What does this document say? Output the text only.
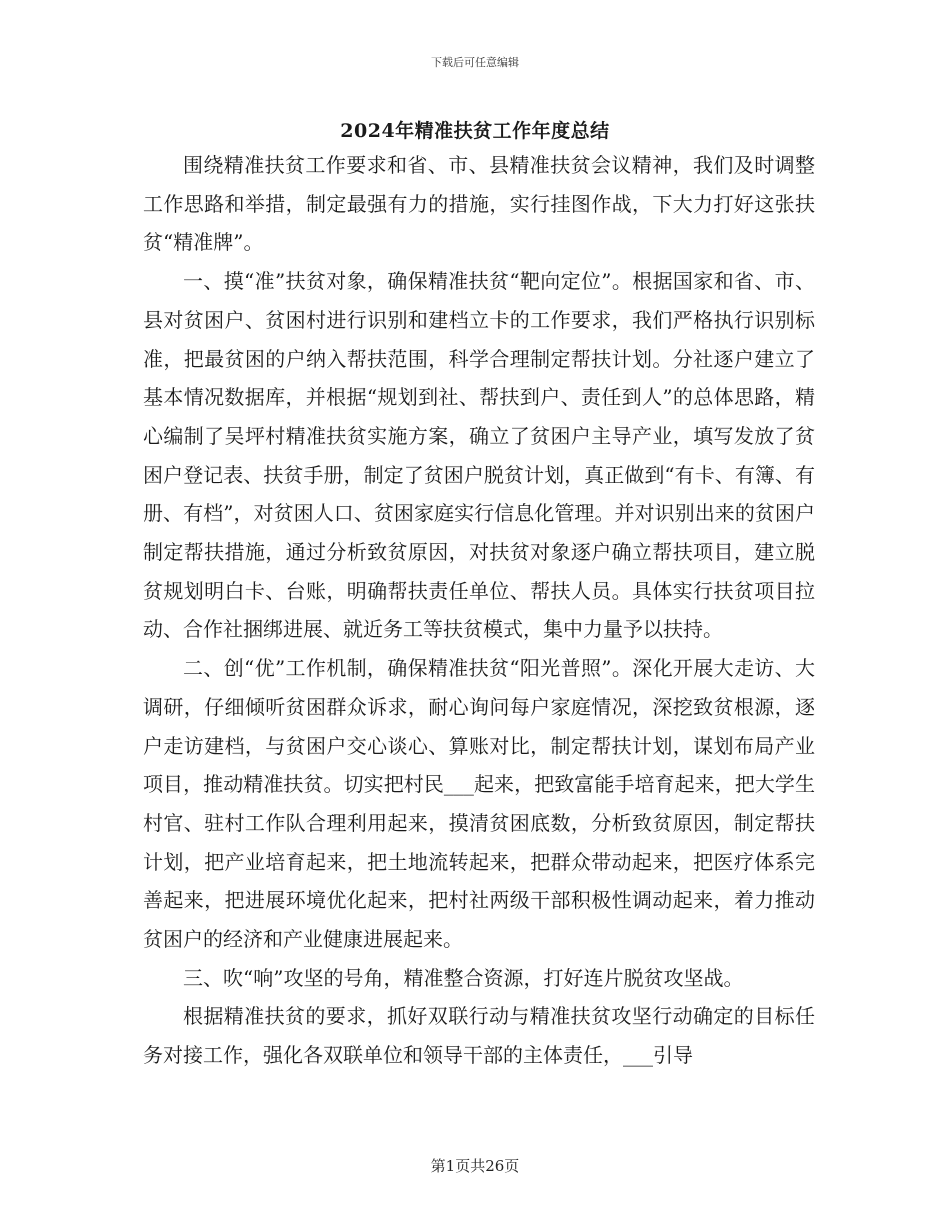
下载后可任意编辑
2024年精准扶贫工作年度总结

围绕精准扶贫工作要求和省、市、县精准扶贫会议精神，我们及时调整工作思路和举措，制定最强有力的措施，实行挂图作战，下大力打好这张扶贫“精准牌”。

一、摸“准”扶贫对象，确保精准扶贫“靶向定位”。根据国家和省、市、县对贫困户、贫困村进行识别和建档立卡的工作要求，我们严格执行识别标准，把最贫困的户纳入帮扶范围，科学合理制定帮扶计划。分社逐户建立了基本情况数据库，并根据“规划到社、帮扶到户、责任到人”的总体思路，精心编制了吴坪村精准扶贫实施方案，确立了贫困户主导产业，填写发放了贫困户登记表、扶贫手册，制定了贫困户脱贫计划，真正做到“有卡、有簿、有册、有档”，对贫困人口、贫困家庭实行信息化管理。并对识别出来的贫困户制定帮扶措施，通过分析致贫原因，对扶贫对象逐户确立帮扶项目，建立脱贫规划明白卡、台账，明确帮扶责任单位、帮扶人员。具体实行扶贫项目拉动、合作社捆绑进展、就近务工等扶贫模式，集中力量予以扶持。

二、创“优”工作机制，确保精准扶贫“阳光普照”。深化开展大走访、大调研，仔细倾听贫困群众诉求，耐心询问每户家庭情况，深挖致贫根源，逐户走访建档，与贫困户交心谈心、算账对比，制定帮扶计划，谋划布局产业项目，推动精准扶贫。切实把村民___起来，把致富能手培育起来，把大学生村官、驻村工作队合理利用起来，摸清贫困底数，分析致贫原因，制定帮扶计划，把产业培育起来，把土地流转起来，把群众带动起来，把医疗体系完善起来，把进展环境优化起来，把村社两级干部积极性调动起来，着力推动贫困户的经济和产业健康进展起来。

三、吹“响”攻坚的号角，精准整合资源，打好连片脱贫攻坚战。

根据精准扶贫的要求，抓好双联行动与精准扶贫攻坚行动确定的目标任务对接工作，强化各双联单位和领导干部的主体责任，___引导

第1页共26页
